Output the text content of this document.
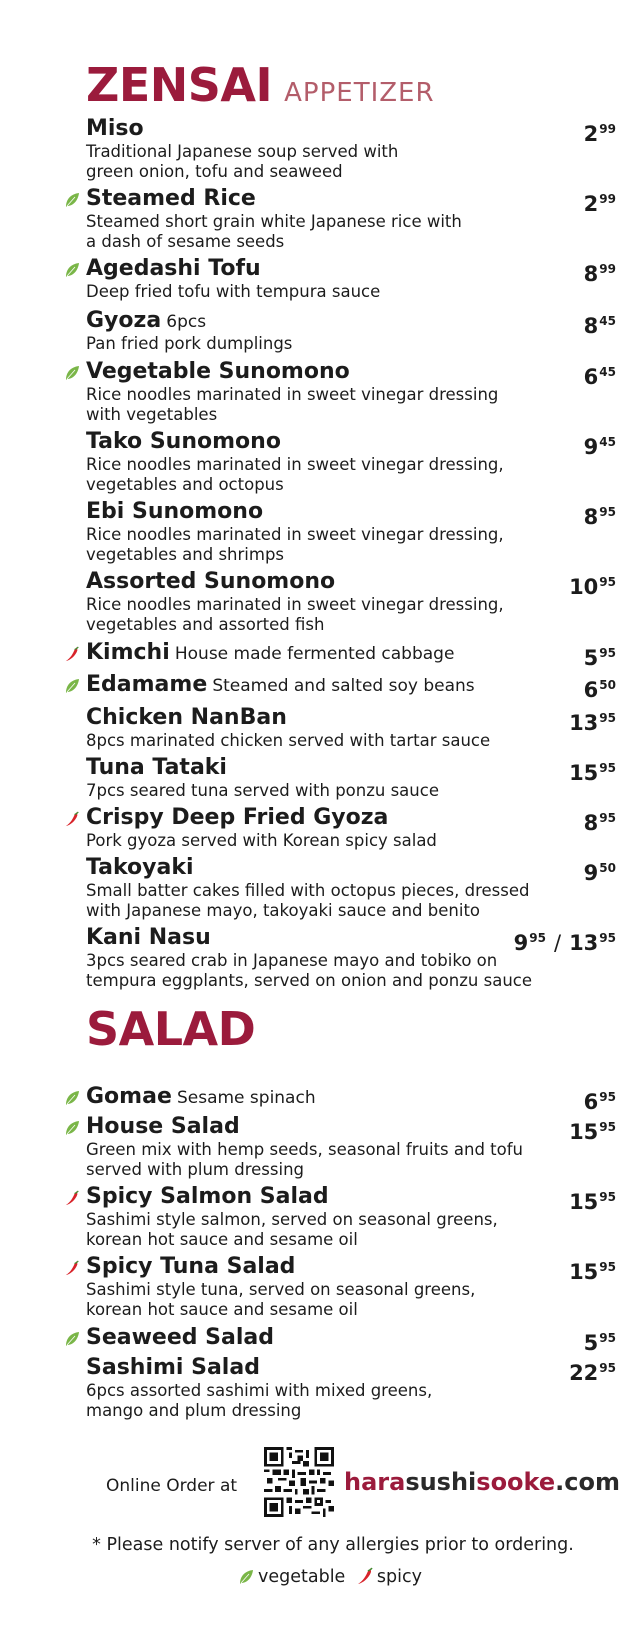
ZENSAI APPETIZER
Miso	$2^{99}$
Traditional Japanese soup served with
green onion, tofu and seaweed
Steamed Rice	$2^{99}$
Steamed short grain white Japanese rice with
a dash of sesame seeds
Agedashi Tofu	$8^{99}$
Deep fried tofu with tempura sauce
Gyoza 6pcs	$8^{45}$
Pan fried pork dumplings
Vegetable Sunomono	$6^{45}$
Rice noodles marinated in sweet vinegar dressing
with vegetables
Tako Sunomono	$9^{45}$
Rice noodles marinated in sweet vinegar dressing,
vegetables and octopus
Ebi Sunomono	$8^{95}$
Rice noodles marinated in sweet vinegar dressing,
vegetables and shrimps
Assorted Sunomono	$10^{95}$
Rice noodles marinated in sweet vinegar dressing,
vegetables and assorted fish
Kimchi House made fermented cabbage	$5^{95}$
Edamame Steamed and salted soy beans	$6^{50}$
Chicken NanBan	$13^{95}$
8pcs marinated chicken served with tartar sauce
Tuna Tataki	$15^{95}$
7pcs seared tuna served with ponzu sauce
Crispy Deep Fried Gyoza	$8^{95}$
Pork gyoza served with Korean spicy salad
Takoyaki	$9^{50}$
Small batter cakes filled with octopus pieces, dressed
with Japanese mayo, takoyaki sauce and benito
Kani Nasu	$9^{95} / 13^{95}$
3pcs seared crab in Japanese mayo and tobiko on
tempura eggplants, served on onion and ponzu sauce
SALAD
Gomae Sesame spinach	$6^{95}$
House Salad	$15^{95}$
Green mix with hemp seeds, seasonal fruits and tofu
served with plum dressing
Spicy Salmon Salad	$15^{95}$
Sashimi style salmon, served on seasonal greens,
korean hot sauce and sesame oil
Spicy Tuna Salad	$15^{95}$
Sashimi style tuna, served on seasonal greens,
korean hot sauce and sesame oil
Seaweed Salad	$5^{95}$
Sashimi Salad	$22^{95}$
6pcs assorted sashimi with mixed greens,
mango and plum dressing
Online Order at	harasushisooke.com
* Please notify server of any allergies prior to ordering.
vegetable spicy
